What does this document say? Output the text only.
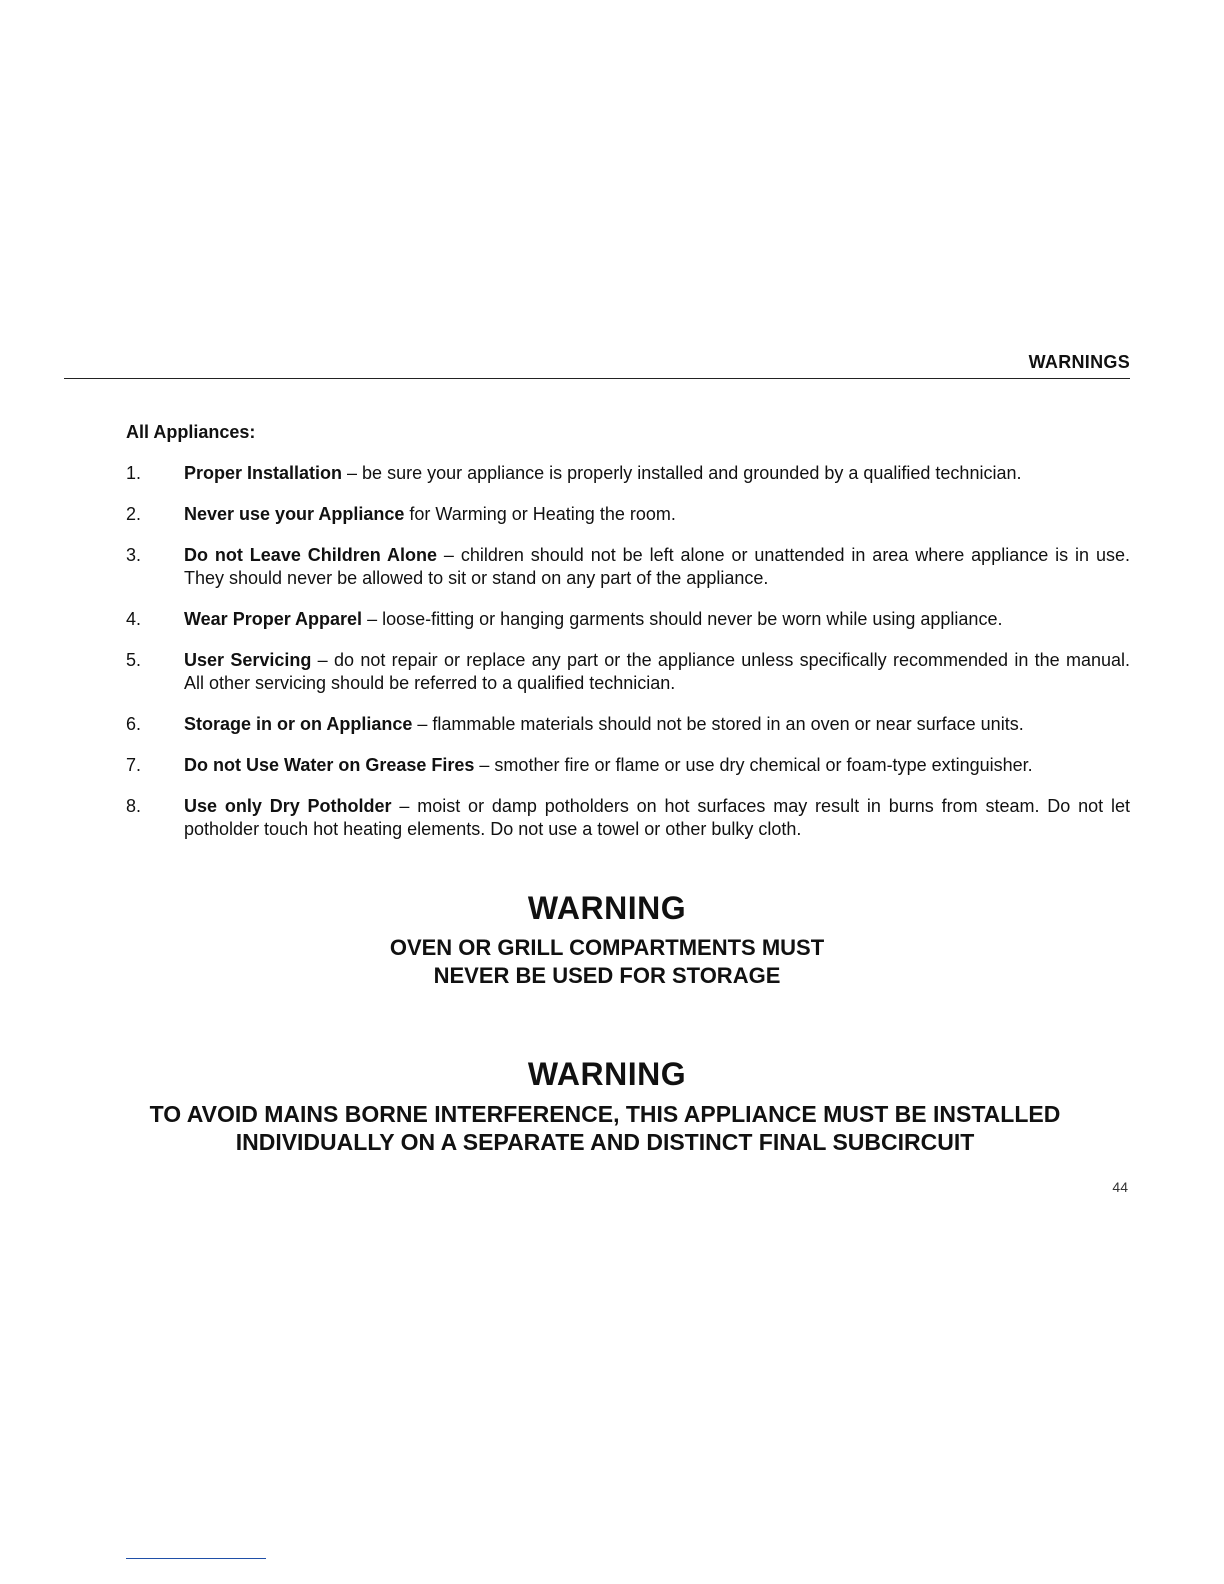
WARNINGS
All Appliances:
1.	Proper Installation – be sure your appliance is properly installed and grounded by a qualified technician.
2.	Never use your Appliance for Warming or Heating the room.
3.	Do not Leave Children Alone – children should not be left alone or unattended in area where appliance is in use. They should never be allowed to sit or stand on any part of the appliance.
4.	Wear Proper Apparel – loose-fitting or hanging garments should never be worn while using appliance.
5.	User Servicing – do not repair or replace any part or the appliance unless specifically recommended in the manual. All other servicing should be referred to a qualified technician.
6.	Storage in or on Appliance – flammable materials should not be stored in an oven or near surface units.
7.	Do not Use Water on Grease Fires – smother fire or flame or use dry chemical or foam-type extinguisher.
8.	Use only Dry Potholder – moist or damp potholders on hot surfaces may result in burns from steam. Do not let potholder touch hot heating elements. Do not use a towel or other bulky cloth.
WARNING
OVEN OR GRILL COMPARTMENTS MUST
NEVER BE USED FOR STORAGE
WARNING
TO AVOID MAINS BORNE INTERFERENCE, THIS APPLIANCE MUST BE INSTALLED
INDIVIDUALLY ON A SEPARATE AND DISTINCT FINAL SUBCIRCUIT
44
